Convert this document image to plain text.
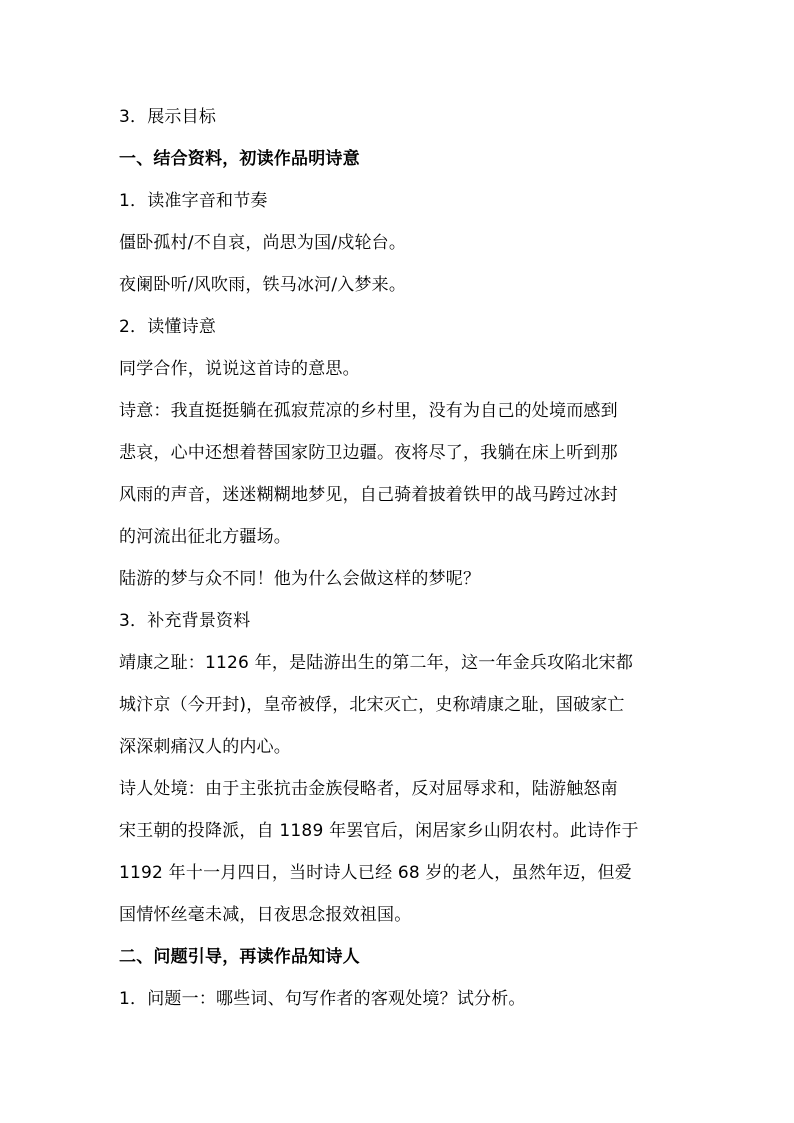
3．展示目标
一、结合资料，初读作品明诗意
1．读准字音和节奏
僵卧孤村/不自哀，尚思为国/戍轮台。
夜阑卧听/风吹雨，铁马冰河/入梦来。
2．读懂诗意
同学合作，说说这首诗的意思。
诗意：我直挺挺躺在孤寂荒凉的乡村里，没有为自己的处境而感到
悲哀，心中还想着替国家防卫边疆。夜将尽了，我躺在床上听到那
风雨的声音，迷迷糊糊地梦见，自己骑着披着铁甲的战马跨过冰封
的河流出征北方疆场。
陆游的梦与众不同！他为什么会做这样的梦呢？
3．补充背景资料
靖康之耻：1126 年，是陆游出生的第二年，这一年金兵攻陷北宋都
城汴京（今开封)，皇帝被俘，北宋灭亡，史称靖康之耻，国破家亡
深深刺痛汉人的内心。
诗人处境：由于主张抗击金族侵略者，反对屈辱求和，陆游触怒南
宋王朝的投降派，自 1189 年罢官后，闲居家乡山阴农村。此诗作于
1192 年十一月四日，当时诗人已经 68 岁的老人，虽然年迈，但爱
国情怀丝毫未减，日夜思念报效祖国。
二、问题引导，再读作品知诗人
1．问题一：哪些词、句写作者的客观处境？试分析。
